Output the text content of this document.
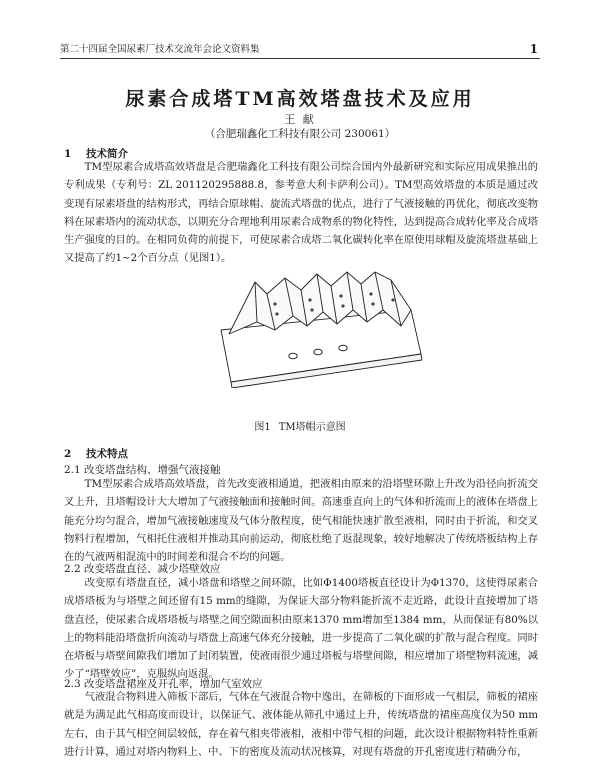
第二十四届全国尿素厂技术交流年会论文资料集	1
尿素合成塔TM高效塔盘技术及应用
王 献
（合肥瑞鑫化工科技有限公司 230061）
1 技术简介

TM型尿素合成塔高效塔盘是合肥瑞鑫化工科技有限公司综合国内外最新研究和实际应用成果推出的专利成果（专利号：ZL 201120295888.8，参考意大利卡萨利公司）。TM型高效塔盘的本质是通过改变现有尿素塔盘的结构形式，再结合原球帽、旋流式塔盘的优点，进行了气液接触的再优化，彻底改变物料在尿素塔内的流动状态，以期充分合理地利用尿素合成物系的物化特性，达到提高合成转化率及合成塔生产强度的目的。在相同负荷的前提下，可使尿素合成塔二氧化碳转化率在原使用球帽及旋流塔盘基础上又提高了约1~2个百分点（见图1）。

图1 TM塔帽示意图
2 技术特点
2.1 改变塔盘结构、增强气液接触

TM型尿素合成塔高效塔盘，首先改变液相通道，把液相由原来的沿塔壁环隙上升改为沿径向折流交叉上升，且塔帽设计大大增加了气液接触面和接触时间。高速垂直向上的气体和折流而上的液体在塔盘上能充分均匀混合，增加气液接触速度及气体分散程度，使气相能快速扩散至液相，同时由于折流，和交叉物料行程增加，气相托住液相并推动其向前运动，彻底杜绝了返混现象，较好地解决了传统塔板结构上存在的气液两相混流中的时间差和混合不均的问题。

2.2 改变塔盘直径、减少塔壁效应

改变原有塔盘直径，减小塔盘和塔壁之间环隙，比如Φ1400塔板直径设计为Φ1370，这使得尿素合成塔塔板为与塔壁之间还留有15 mm的缝隙，为保证大部分物料能折流不走近路，此设计直接增加了塔盘直径，使尿素合成塔塔板与塔壁之间空隙面积由原来1370 mm增加至1384 mm，从而保证有80%以上的物料能沿塔盘折向流动与塔盘上高速气体充分接触，进一步提高了二氧化碳的扩散与混合程度。同时在塔板与塔壁间隙我们增加了封闭装置，使液雨很少通过塔板与塔壁间隙，相应增加了塔壁物料流速，减少了“塔壁效应”，克服纵向返混。

2.3 改变塔盘裙座及开孔率，增加气室效应

气液混合物料进入筛板下部后，气体在气液混合物中逸出，在筛板的下面形成一气相层，筛板的裙座就是为满足此气相高度而设计，以保证气、液体能从筛孔中通过上升，传统塔盘的裙座高度仅为50 mm左右，由于其气相空间层较低，存在着气相夹带液相，液相中带气相的问题，此次设计根据物料特性重新进行计算，通过对塔内物料上、中、下的密度及流动状况核算，对现有塔盘的开孔密度进行精确分布，
